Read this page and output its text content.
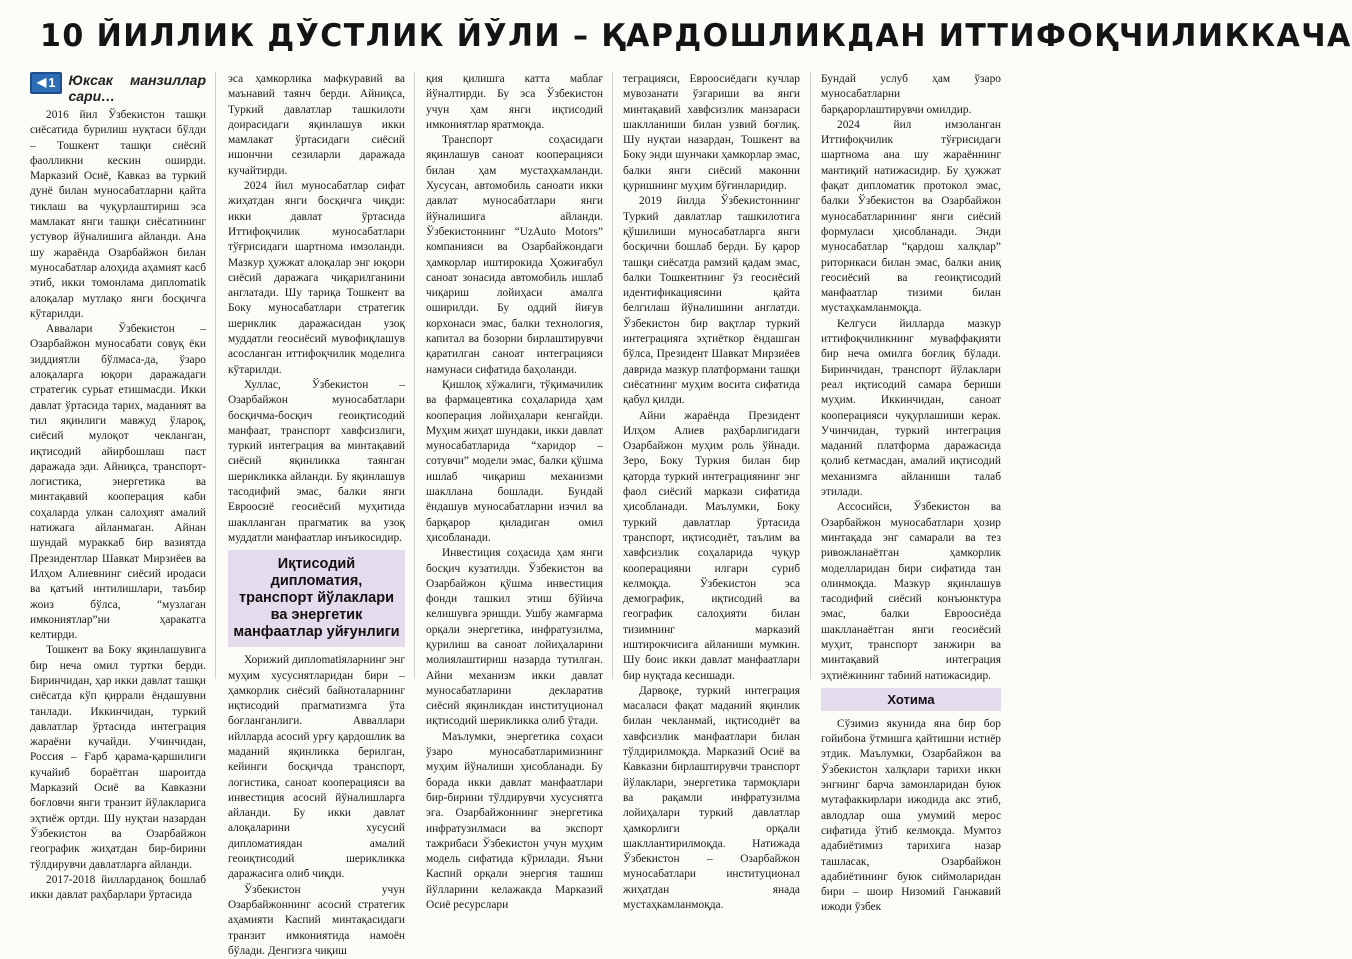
10 ЙИЛЛИК ДЎСТЛИК ЙЎЛИ – ҚАРДОШЛИКДАН ИТТИФОҚЧИЛИККАЧА
◀ 1 Юксак манзиллар сари…

2016 йил Ўзбекистон ташқи сиёсатида бурилиш нуқтаси бўлди – Тошкент ташқи сиёсий фаолликни кескин оширди. Марказий Осиё, Кавказ ва туркий дунё билан муносабатларни қайта тиклаш ва чуқурлаштириш эса мамлакат янги ташқи сиёсатининг устувор йўналишига айланди. Ана шу жараёнда Озарбайжон билан муносабатлар алоҳида аҳамият касб этиб, икки томонлама диплomatik алоқалар мутлақо янги босқичга кўтарилди.

Аввалари Ўзбекистон – Озарбайжон муносабати совуқ ёки зиддиятли бўлмаса-да, ўзаро алоқаларга юқори даражадаги стратегик сурьат етишмасди. Икки давлат ўртасида тарих, маданият ва тил яқинлиги мавжуд ўлароқ, сиёсий мулоқот чекланган, иқтисодий айирбошлаш паст даражада эди. Айниқса, транспорт-логистика, энергетика ва минтақавий кооперация каби соҳаларда улкан салоҳият амалий натижага айланмаган. Айнан шундай мураккаб бир вазиятда Президентлар Шавкат Мирзиёев ва Илҳом Алиевнинг сиёсий иродаси ва қатъий интилишлари, таъбир жоиз бўлса, “музлаган имкониятлар”ни ҳаракатга келтирди.

Тошкент ва Боку яқинлашувига бир неча омил туртки берди. Биринчидан, ҳар икки давлат ташқи сиёсатда кўп қиррали ёндашувни танлади. Иккинчидан, туркий давлатлар ўртасида интеграция жараёни кучайди. Учинчидан, Россия – Ғарб қарама-қаршилиги кучайиб бораётган шароитда Марказий Осиё ва Кавказни боғловчи янги транзит йўлакларига эҳтиёж ортди. Шу нуқтаи назардан Ўзбекистон ва Озарбайжон географик жиҳатдан бир-бирини тўлдирувчи давлатларга айланди.

2017-2018 йилларданоқ бошлаб икки давлат раҳбарлари ўртасида

эса ҳамкорлика мафкуравий ва маънавий таянч берди. Айниқса, Туркий давлатлар ташкилоти доирасидаги яқинлашув икки мамлакат ўртасидаги сиёсий ишончни сезиларли даражада кучайтирди.

2024 йил муносабатлар сифат жиҳатдан янги босқичга чиқди: икки давлат ўртасида Иттифоқчилик муносабатлари тўғрисидаги шартнома имзоланди. Мазкур ҳужжат алоқалар энг юқори сиёсий даражага чиқарилганини англатади. Шу тариқа Тошкент ва Боку муносабатлари стратегик шериклик даражасидан узоқ муддатли геосиёсий мувофиқлашув асосланган иттифоқчилик моделига кўтарилди.

Хуллас, Ўзбекистон – Озарбайжон муносабатлари босқичма-босқич геоиқтисодий манфаат, транспорт хавфсизлиги, туркий интеграция ва минтақавий сиёсий яқинликка таянган шерикликка айланди. Бу яқинлашув тасодифий эмас, балки янги Евроосиё геосиёсий муҳитида шаклланган прагматик ва узоқ муддатли манфаатлар инъикосидир.

Иқтисодий дипломатия, транспорт йўлаклари ва энергетик манфаатлар уйғунлиги

Хорижий диплomatiяларнинг энг муҳим хусусиятларидан бири – ҳамкорлик сиёсий байноталарнинг иқтисодий прагматизмга ўта боғланганлиги. Авваллари ийлларда асосий урғу қардошлик ва маданий яқинликка берилган, кейинги босқичда транспорт, логистика, саноат кооперацияси ва инвестиция асосий йўналишларга айланди. Бу икки давлат алоқаларини хусусий дипломатиядан амалий геоиқтисодий шерикликка даражасига олиб чиқди.

Ўзбекистон учун Озарбайжоннинг асосий стратегик аҳамияти Каспий минтақасидаги транзит имкониятида намоён бўлади. Денгизга чиқиш

қия қилишга катта маблағ йўналтирди. Бу эса Ўзбекистон учун ҳам янги иқтисодий имкониятлар яратмоқда.

Транспорт соҳасидаги яқинлашув саноат кооперацияси билан ҳам мустаҳкамланди. Хусусан, автомобиль саноати икки давлат муносабатлари янги йўналишига айланди. Ўзбекистоннинг “UzAuto Motors” компанияси ва Озарбайжондаги ҳамкорлар иштирокида Ҳожиғабул саноат зонасида автомобиль ишлаб чиқариш лойиҳаси амалга оширилди. Бу оддий йиғув корхонаси эмас, балки технология, капитал ва бозорни бирлаштирувчи қаратилган саноат интеграцияси намунаси сифатида баҳоланди.

Қишлоқ хўжалиги, тўқимачилик ва фармацевтика соҳаларида ҳам кооперация лойиҳалари кенгайди. Муҳим жиҳат шундаки, икки давлат муносабатларида “харидор – сотувчи” модели эмас, балки қўшма ишлаб чиқариш механизми шаклланa бошлади. Бундай ёндашув муносабатларни изчил ва барқарор қиладиган омил ҳисобланади.

Инвестиция соҳасида ҳам янги босқич кузатилди. Ўзбекистон ва Озарбайжон қўшма инвестиция фонди ташкил этиш бўйича келишувга эришди. Ушбу жамғарма орқали энергетика, инфратузилма, қурилиш ва саноат лойиҳаларини молиялаштириш назарда тутилган. Айни механизм икки давлат муносабатларини декларатив сиёсий яқинликдан институционал иқтисодий шерикликка олиб ўтади.

Маълумки, энергетика соҳаси ўзаро муносабатларимизнинг муҳим йўналиши ҳисобланади. Бу борада икки давлат манфаатлари бир-бирини тўлдирувчи хусусиятга эга. Озарбайжоннинг энергетика инфратузилмаси ва экспорт тажрибаси Ўзбекистон учун муҳим модель сифатида кўрилади. Яъни Каспий орқали энергия ташиш йўлларини келажакда Марказий Осиё ресурслари

теграцияси, Евроосиёдаги кучлар мувозанати ўзгариши ва янги минтақавий хавфсизлик манзараси шаклланиши билан узвий боғлиқ. Шу нуқтаи назардан, Тошкент ва Боку энди шунчаки ҳамкорлар эмас, балки янги сиёсий маконни қуришнинг муҳим бўғинларидир.

2019 йилда Ўзбекистоннинг Туркий давлатлар ташкилотига қўшилиши муносабатларга янги босқични бошлаб берди. Бу қарор ташқи сиёсатда рамзий қадам эмас, балки Тошкентнинг ўз геосиёсий идентификациясини қайта белгилаш йўналишини англатди. Ўзбекистон бир вақтлар туркий интеграцияга эҳтиёткор ёндашган бўлса, Президент Шавкат Мирзиёев даврида мазкур платформани ташқи сиёсатнинг муҳим восита сифатида қабул қилди.

Айни жараёнда Президент Илҳом Алиев раҳбарлигидаги Озарбайжон муҳим роль ўйнади. Зеро, Боку Туркия билан бир қаторда туркий интеграциянинг энг фаол сиёсий маркази сифатида ҳисобланади. Маълумки, Боку туркий давлатлар ўртасида транспорт, иқтисодиёт, таълим ва хавфсизлик соҳаларида чуқур кооперацияни илгари суриб келмоқда. Ўзбекистон эса демографик, иқтисодий ва географик салоҳияти билан тизимнинг марказий иштирокчисига айланиши мумкин. Шу боис икки давлат манфаатлари бир нуқтада кесишади.

Дарвоқе, туркий интеграция масаласи фақат маданий яқинлик билан чекланмай, иқтисодиёт ва хавфсизлик манфаатлари билан тўлдирилмоқда. Марказий Осиё ва Кавказни бирлаштирувчи транспорт йўлаклари, энергетика тармоқлари ва рақамли инфратузилма лойиҳалари туркий давлатлар ҳамкорлиги орқали шакллантирилмоқда. Натижада Ўзбекистон – Озарбайжон муносабатлари институционал жиҳатдан янада мустаҳкамланмоқда.

Бундай услуб ҳам ўзаро муносабатларни барқарорлаштирувчи омилдир.

2024 йил имзоланган Иттифоқчилик тўғрисидаги шартнома ана шу жараённинг мантиқий натижасидир. Бу ҳужжат фақат дипломатик протокол эмас, балки Ўзбекистон ва Озарбайжон муносабатларининг янги сиёсий формуласи ҳисобланади. Энди муносабатлар “қардош халқлар” риторикаси билан эмас, балки аниқ геосиёсий ва геоиқтисодий манфаатлар тизими билан мустаҳкамланмоқда.

Келгуси йилларда мазкур иттифоқчиликнинг мувaффақияти бир неча омилга боғлиқ бўлади. Биринчидан, транспорт йўлаклари реал иқтисодий самара бериши муҳим. Иккинчидан, саноат кооперацияси чуқурлашиши керак. Учинчидан, туркий интеграция маданий платформа даражасида қолиб кетмасдан, амалий иқтисодий механизмга айланиши талаб этилади.

Ассосийси, Ўзбекистон ва Озарбайжон муносабатлари ҳозир минтақада энг самарали ва тез ривожланаётган ҳамкорлик моделларидан бири сифатида тан олинмоқда. Мазкур яқинлашув тасодифий сиёсий конъюнктура эмас, балки Евроосиёда шаклланаётган янги геосиёсий муҳит, транспорт занжири ва минтақавий интеграция эҳтиёжининг табиий натижасидир.

Хотима

Сўзимиз якунида яна бир бор гойибона ўтмишга қайтишни истиёр этдик. Маълумки, Озарбайжон ва Ўзбекистон халқлари тарихи икки энгнинг барча замонларидан буюк мутафаккирлари ижодида акс этиб, авлодлар оша умумий мерос сифатида ўтиб келмоқда. Мумтоз адабиётимиз тарихига назар ташласак, Озарбайжон адабиётининг буюк сиймоларидан бири – шоир Низомий Ганжавий ижоди ўзбек
